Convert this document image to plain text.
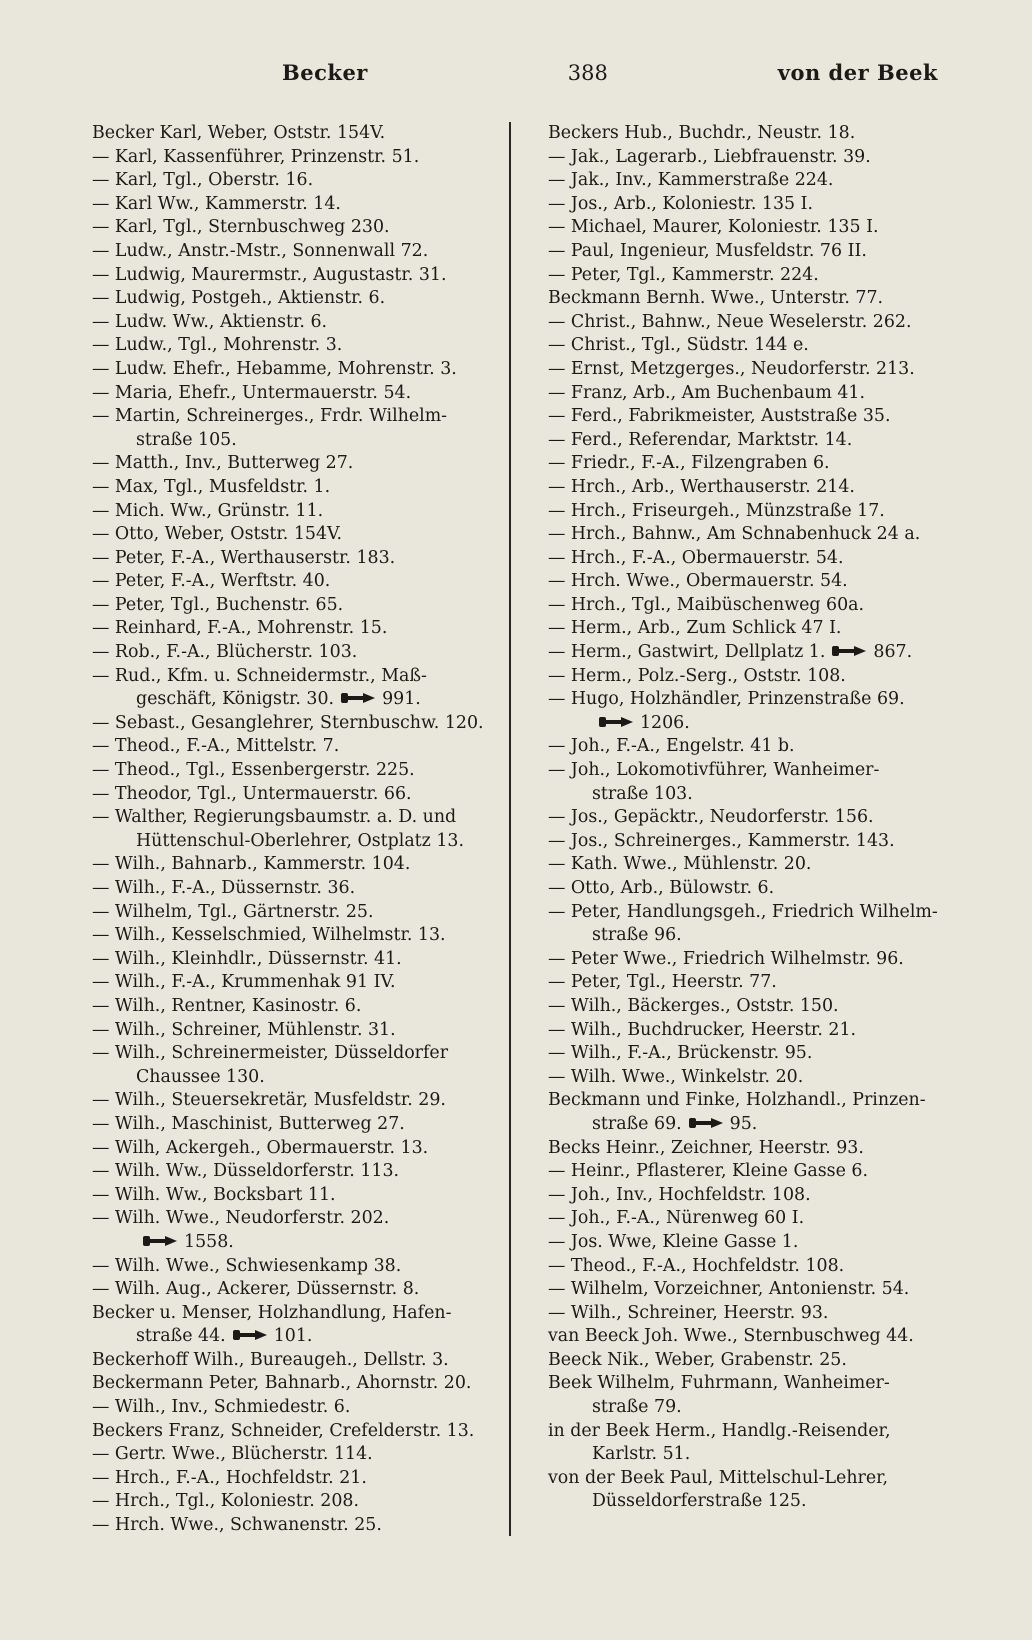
Becker	388	von der Beek
Becker Karl, Weber, Oststr. 154V.
— Karl, Kassenführer, Prinzenstr. 51.
— Karl, Tgl., Oberstr. 16.
— Karl Ww., Kammerstr. 14.
— Karl, Tgl., Sternbuschweg 230.
— Ludw., Anstr.-Mstr., Sonnenwall 72.
— Ludwig, Maurermstr., Augustastr. 31.
— Ludwig, Postgeh., Aktienstr. 6.
— Ludw. Ww., Aktienstr. 6.
— Ludw., Tgl., Mohrenstr. 3.
— Ludw. Ehefr., Hebamme, Mohrenstr. 3.
— Maria, Ehefr., Untermauerstr. 54.
— Martin, Schreinerges., Frdr. Wilhelm-
straße 105.
— Matth., Inv., Butterweg 27.
— Max, Tgl., Musfeldstr. 1.
— Mich. Ww., Grünstr. 11.
— Otto, Weber, Oststr. 154V.
— Peter, F.-A., Werthauserstr. 183.
— Peter, F.-A., Werftstr. 40.
— Peter, Tgl., Buchenstr. 65.
— Reinhard, F.-A., Mohrenstr. 15.
— Rob., F.-A., Blücherstr. 103.
— Rud., Kfm. u. Schneidermstr., Maß-
geschäft, Königstr. 30.	991.
— Sebast., Gesanglehrer, Sternbuschw. 120.
— Theod., F.-A., Mittelstr. 7.
— Theod., Tgl., Essenbergerstr. 225.
— Theodor, Tgl., Untermauerstr. 66.
— Walther, Regierungsbaumstr. a. D. und
Hüttenschul-Oberlehrer, Ostplatz 13.
— Wilh., Bahnarb., Kammerstr. 104.
— Wilh., F.-A., Düssernstr. 36.
— Wilhelm, Tgl., Gärtnerstr. 25.
— Wilh., Kesselschmied, Wilhelmstr. 13.
— Wilh., Kleinhdlr., Düssernstr. 41.
— Wilh., F.-A., Krummenhak 91 IV.
— Wilh., Rentner, Kasinostr. 6.
— Wilh., Schreiner, Mühlenstr. 31.
— Wilh., Schreinermeister, Düsseldorfer
Chaussee 130.
— Wilh., Steuersekretär, Musfeldstr. 29.
— Wilh., Maschinist, Butterweg 27.
— Wilh, Ackergeh., Obermauerstr. 13.
— Wilh. Ww., Düsseldorferstr. 113.
— Wilh. Ww., Bocksbart 11.
— Wilh. Wwe., Neudorferstr. 202.
1558.
— Wilh. Wwe., Schwiesenkamp 38.
— Wilh. Aug., Ackerer, Düssernstr. 8.
Becker u. Menser, Holzhandlung, Hafen-
straße 44.	101.
Beckerhoff Wilh., Bureaugeh., Dellstr. 3.
Beckermann Peter, Bahnarb., Ahornstr. 20.
— Wilh., Inv., Schmiedestr. 6.
Beckers Franz, Schneider, Crefelderstr. 13.
— Gertr. Wwe., Blücherstr. 114.
— Hrch., F.-A., Hochfeldstr. 21.
— Hrch., Tgl., Koloniestr. 208.
— Hrch. Wwe., Schwanenstr. 25.
Beckers Hub., Buchdr., Neustr. 18.
— Jak., Lagerarb., Liebfrauenstr. 39.
— Jak., Inv., Kammerstraße 224.
— Jos., Arb., Koloniestr. 135 I.
— Michael, Maurer, Koloniestr. 135 I.
— Paul, Ingenieur, Musfeldstr. 76 II.
— Peter, Tgl., Kammerstr. 224.
Beckmann Bernh. Wwe., Unterstr. 77.
— Christ., Bahnw., Neue Weselerstr. 262.
— Christ., Tgl., Südstr. 144 e.
— Ernst, Metzgerges., Neudorferstr. 213.
— Franz, Arb., Am Buchenbaum 41.
— Ferd., Fabrikmeister, Auststraße 35.
— Ferd., Referendar, Marktstr. 14.
— Friedr., F.-A., Filzengraben 6.
— Hrch., Arb., Werthauserstr. 214.
— Hrch., Friseurgeh., Münzstraße 17.
— Hrch., Bahnw., Am Schnabenhuck 24 a.
— Hrch., F.-A., Obermauerstr. 54.
— Hrch. Wwe., Obermauerstr. 54.
— Hrch., Tgl., Maibüschenweg 60a.
— Herm., Arb., Zum Schlick 47 I.
— Herm., Gastwirt, Dellplatz 1.	867.
— Herm., Polz.-Serg., Oststr. 108.
— Hugo, Holzhändler, Prinzenstraße 69.
1206.
— Joh., F.-A., Engelstr. 41 b.
— Joh., Lokomotivführer, Wanheimer-
straße 103.
— Jos., Gepäcktr., Neudorferstr. 156.
— Jos., Schreinerges., Kammerstr. 143.
— Kath. Wwe., Mühlenstr. 20.
— Otto, Arb., Bülowstr. 6.
— Peter, Handlungsgeh., Friedrich Wilhelm-
straße 96.
— Peter Wwe., Friedrich Wilhelmstr. 96.
— Peter, Tgl., Heerstr. 77.
— Wilh., Bäckerges., Oststr. 150.
— Wilh., Buchdrucker, Heerstr. 21.
— Wilh., F.-A., Brückenstr. 95.
— Wilh. Wwe., Winkelstr. 20.
Beckmann und Finke, Holzhandl., Prinzen-
straße 69.	95.
Becks Heinr., Zeichner, Heerstr. 93.
— Heinr., Pflasterer, Kleine Gasse 6.
— Joh., Inv., Hochfeldstr. 108.
— Joh., F.-A., Nürenweg 60 I.
— Jos. Wwe, Kleine Gasse 1.
— Theod., F.-A., Hochfeldstr. 108.
— Wilhelm, Vorzeichner, Antonienstr. 54.
— Wilh., Schreiner, Heerstr. 93.
van Beeck Joh. Wwe., Sternbuschweg 44.
Beeck Nik., Weber, Grabenstr. 25.
Beek Wilhelm, Fuhrmann, Wanheimer-
straße 79.
in der Beek Herm., Handlg.-Reisender,
Karlstr. 51.
von der Beek Paul, Mittelschul-Lehrer,
Düsseldorferstraße 125.
